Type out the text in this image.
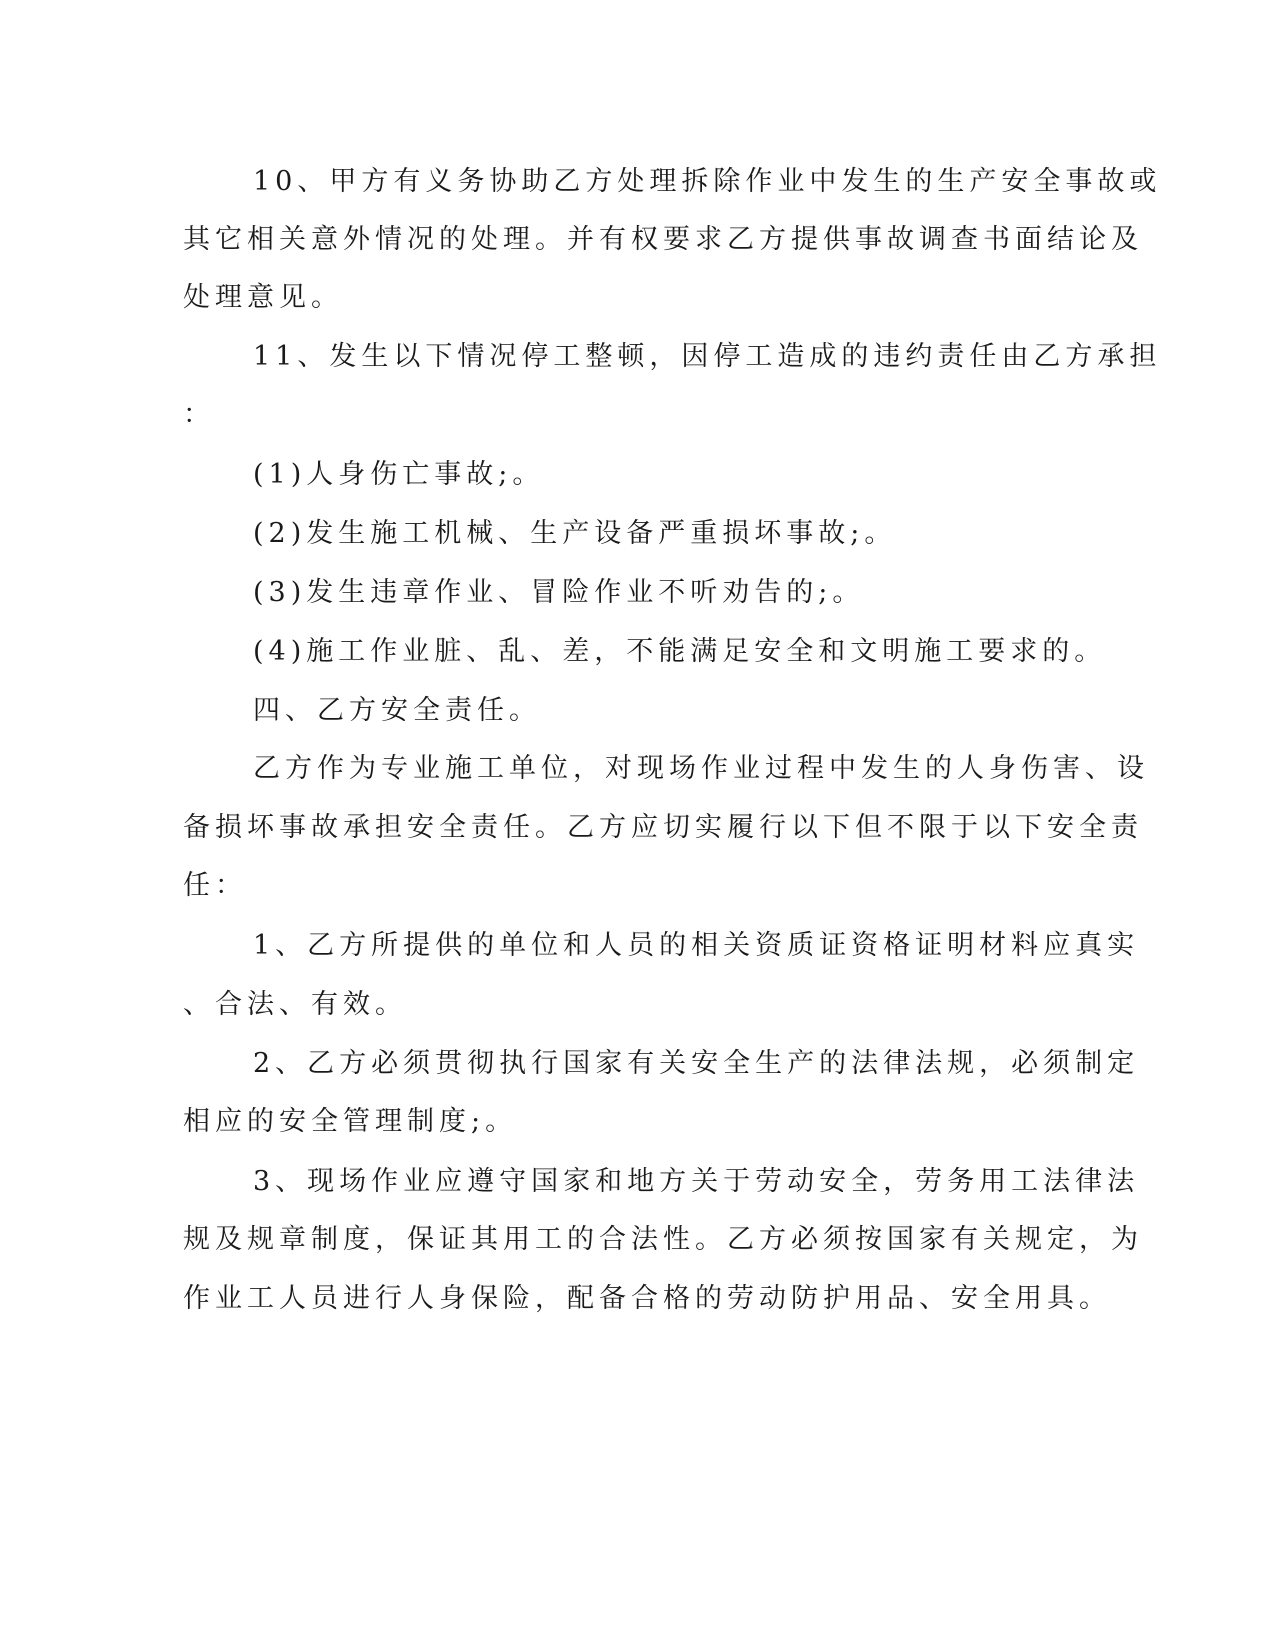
10、甲方有义务协助乙方处理拆除作业中发生的生产安全事故或
其它相关意外情况的处理。并有权要求乙方提供事故调查书面结论及
处理意见。
11、发生以下情况停工整顿，因停工造成的违约责任由乙方承担
：
(1)人身伤亡事故;。
(2)发生施工机械、生产设备严重损坏事故;。
(3)发生违章作业、冒险作业不听劝告的;。
(4)施工作业脏、乱、差，不能满足安全和文明施工要求的。
四、乙方安全责任。
乙方作为专业施工单位，对现场作业过程中发生的人身伤害、设
备损坏事故承担安全责任。乙方应切实履行以下但不限于以下安全责
任：
1、乙方所提供的单位和人员的相关资质证资格证明材料应真实
、合法、有效。
2、乙方必须贯彻执行国家有关安全生产的法律法规，必须制定
相应的安全管理制度;。
3、现场作业应遵守国家和地方关于劳动安全，劳务用工法律法
规及规章制度，保证其用工的合法性。乙方必须按国家有关规定，为
作业工人员进行人身保险，配备合格的劳动防护用品、安全用具。
